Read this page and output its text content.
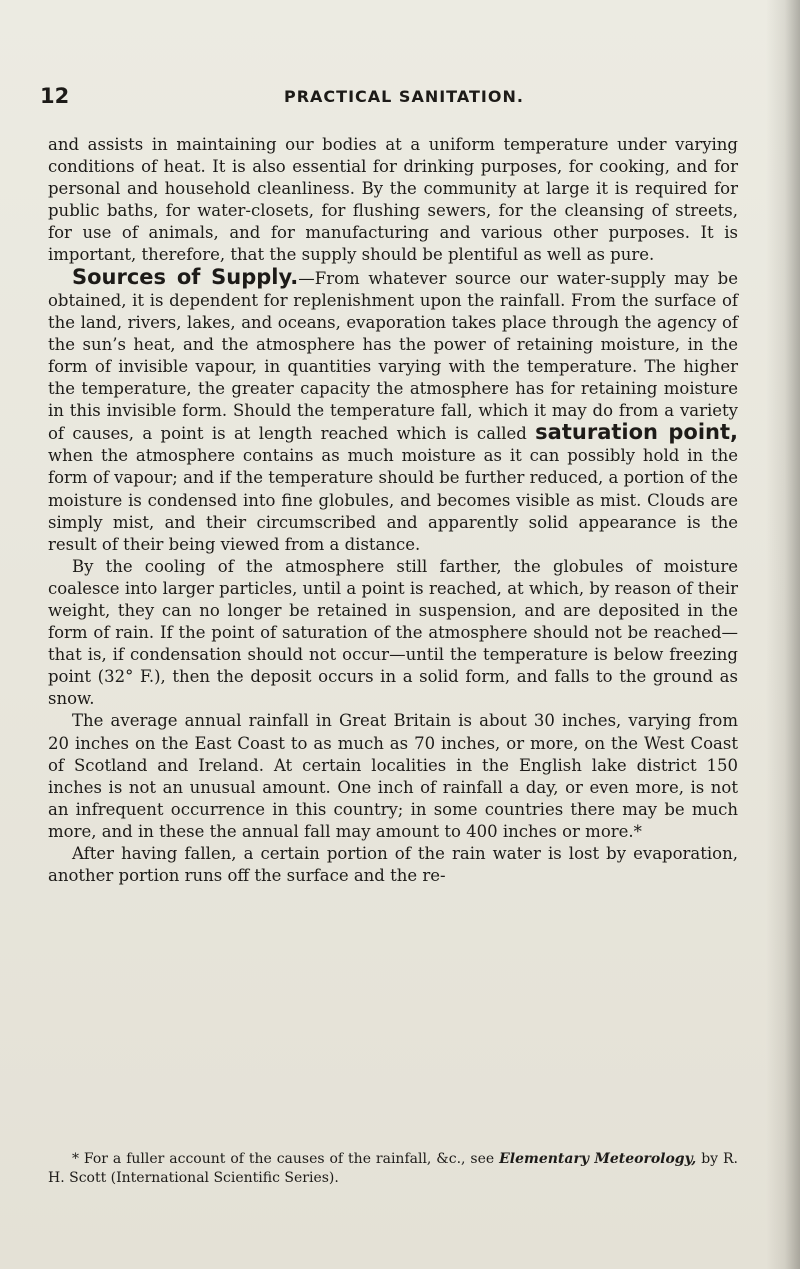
12	PRACTICAL SANITATION.

and assists in maintaining our bodies at a uniform temperature under varying conditions of heat. It is also essential for drinking purposes, for cooking, and for personal and household cleanliness. By the community at large it is required for public baths, for water-closets, for flushing sewers, for the cleansing of streets, for use of animals, and for manufacturing and various other purposes. It is important, therefore, that the supply should be plentiful as well as pure.

Sources of Supply.—From whatever source our water-supply may be obtained, it is dependent for replenishment upon the rainfall. From the surface of the land, rivers, lakes, and oceans, evaporation takes place through the agency of the sun’s heat, and the atmosphere has the power of retaining moisture, in the form of invisible vapour, in quantities varying with the temperature. The higher the temperature, the greater capacity the atmosphere has for retaining moisture in this invisible form. Should the temperature fall, which it may do from a variety of causes, a point is at length reached which is called saturation point, when the atmosphere contains as much moisture as it can possibly hold in the form of vapour; and if the temperature should be further reduced, a portion of the moisture is condensed into fine globules, and becomes visible as mist. Clouds are simply mist, and their circumscribed and apparently solid appearance is the result of their being viewed from a distance.

By the cooling of the atmosphere still farther, the globules of moisture coalesce into larger particles, until a point is reached, at which, by reason of their weight, they can no longer be retained in suspension, and are deposited in the form of rain. If the point of saturation of the atmosphere should not be reached—that is, if condensation should not occur—until the temperature is below freezing point (32° F.), then the deposit occurs in a solid form, and falls to the ground as snow.

The average annual rainfall in Great Britain is about 30 inches, varying from 20 inches on the East Coast to as much as 70 inches, or more, on the West Coast of Scotland and Ireland. At certain localities in the English lake district 150 inches is not an unusual amount. One inch of rainfall a day, or even more, is not an infrequent occurrence in this country; in some countries there may be much more, and in these the annual fall may amount to 400 inches or more.*

After having fallen, a certain portion of the rain water is lost by evaporation, another portion runs off the surface and the re-

* For a fuller account of the causes of the rainfall, &c., see Elementary Meteorology, by R. H. Scott (International Scientific Series).
